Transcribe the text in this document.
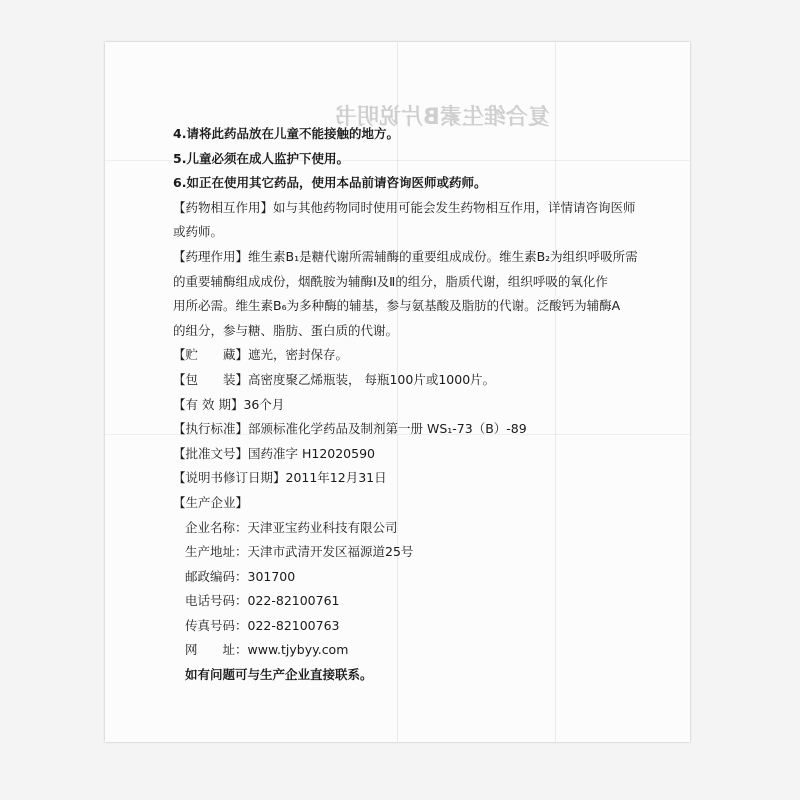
复合维生素B片说明书
4.请将此药品放在儿童不能接触的地方。
5.儿童必须在成人监护下使用。
6.如正在使用其它药品，使用本品前请咨询医师或药师。
【药物相互作用】如与其他药物同时使用可能会发生药物相互作用，详情请咨询医师
或药师。
【药理作用】维生素B₁是糖代谢所需辅酶的重要组成成份。维生素B₂为组织呼吸所需
的重要辅酶组成成份，烟酰胺为辅酶Ⅰ及Ⅱ的组分，脂质代谢，组织呼吸的氧化作
用所必需。维生素B₆为多种酶的辅基，参与氨基酸及脂肪的代谢。泛酸钙为辅酶A
的组分，参与糖、脂肪、蛋白质的代谢。
【贮　　藏】遮光，密封保存。
【包　　装】高密度聚乙烯瓶装， 每瓶100片或1000片。
【有 效 期】36个月
【执行标准】部颁标准化学药品及制剂第一册 WS₁-73（B）-89
【批准文号】国药准字 H12020590
【说明书修订日期】2011年12月31日
【生产企业】
企业名称：天津亚宝药业科技有限公司
生产地址：天津市武清开发区福源道25号
邮政编码：301700
电话号码：022-82100761
传真号码：022-82100763
网　　址：www.tjybyy.com
如有问题可与生产企业直接联系。
